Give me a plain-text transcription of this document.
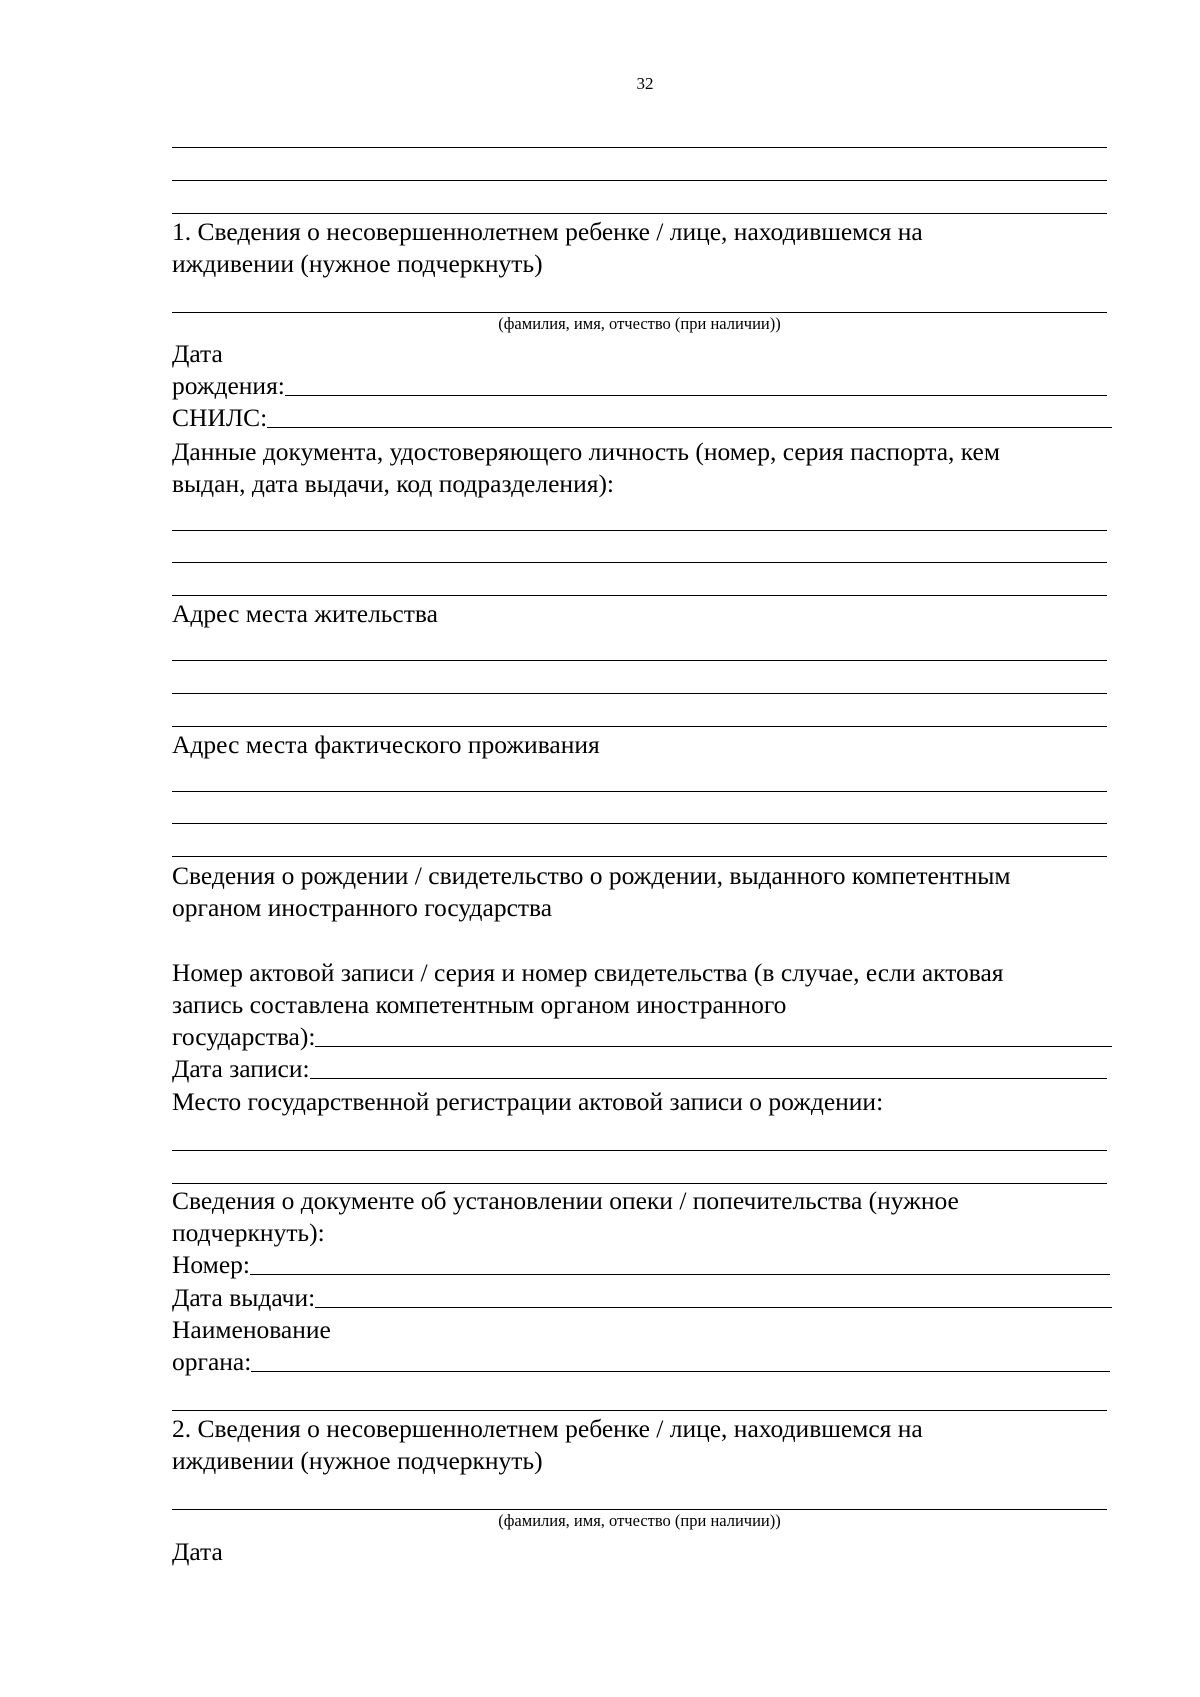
32
1. Сведения о несовершеннолетнем ребенке / лице, находившемся на
иждивении (нужное подчеркнуть)
(фамилия, имя, отчество (при наличии))
Дата
рождения:
СНИЛС:
Данные документа, удостоверяющего личность (номер, серия паспорта, кем
выдан, дата выдачи, код подразделения):
Адрес места жительства
Адрес места фактического проживания
Сведения о рождении / свидетельство о рождении, выданного компетентным
органом иностранного государства
Номер актовой записи / серия и номер свидетельства (в случае, если актовая
запись составлена компетентным органом иностранного
государства):
Дата записи:
Место государственной регистрации актовой записи о рождении:
Сведения о документе об установлении опеки / попечительства (нужное
подчеркнуть):
Номер:
Дата выдачи:
Наименование
органа:
2. Сведения о несовершеннолетнем ребенке / лице, находившемся на
иждивении (нужное подчеркнуть)
(фамилия, имя, отчество (при наличии))
Дата
